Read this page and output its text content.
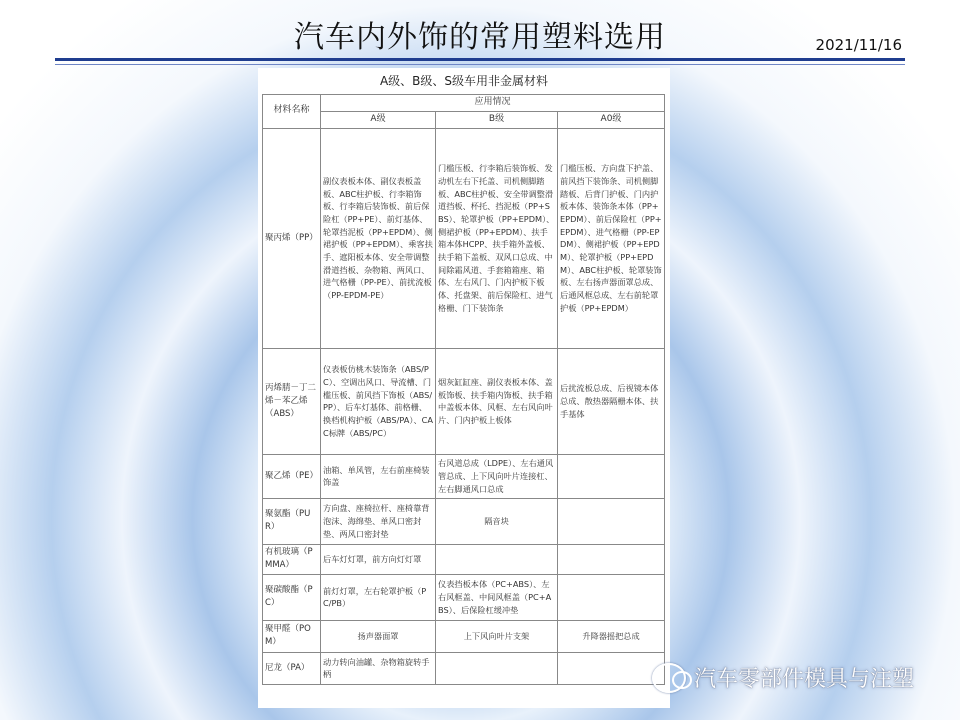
汽车内外饰的常用塑料选用	2021/11/16
A级、B级、S级车用非金属材料
材料名称	应用情况		
	A级	B级	A0级
聚丙烯（PP）	副仪表板本体、副仪表板盖板、ABC柱护板、行李箱饰板、行李箱后装饰板、前后保险杠（PP+PE）、前灯基体、轮罩挡泥板（PP+EPDM）、侧裙护板（PP+EPDM）、乘客扶手、遮阳板本体、安全带调整滑道挡板、杂物箱、两风口、进气格栅（PP-PE）、前扰流板（PP-EPDM-PE）	门槛压板、行李箱后装饰板、发动机左右下托盖、司机侧脚踏板、ABC柱护板、安全带调整滑道挡板、杯托、挡泥板（PP+SBS）、轮罩护板（PP+EPDM）、侧裙护板（PP+EPDM）、扶手箱本体HCPP、扶手箱外盖板、扶手箱下盖板、双风口总成、中间除霜风道、手套箱箱座、箱体、左右风门、门内护板下板体、托盘架、前后保险杠、进气格栅、门下装饰条	门槛压板、方向盘下护盖、前风挡下装饰条、司机侧脚踏板、后背门护板、门内护板本体、装饰条本体（PP+EPDM）、前后保险杠（PP+EPDM）、进气格栅（PP-EPDM）、侧裙护板（PP+EPDM）、轮罩护板（PP+EPDM）、ABC柱护板、轮罩装饰板、左右扬声器面罩总成、后通风框总成、左右前轮罩护板（PP+EPDM）
丙烯腈－丁二烯－苯乙烯（ABS）	仪表板仿桃木装饰条（ABS/PC）、空调出风口、导流槽、门槛压板、前风挡下饰板（ABS/PP）、后车灯基体、前格栅、换档机构护板（ABS/PA）、CAC标牌（ABS/PC）	烟灰缸缸座、副仪表板本体、盖板饰板、扶手箱内饰板、扶手箱中盖板本体、风框、左右风向叶片、门内护板上板体	后扰流板总成、后视镜本体总成、散热器隔栅本体、扶手基体
聚乙烯（PE）	油箱、单风管，左右前座椅装饰盖	右风道总成（LDPE）、左右通风管总成、上下风向叶片连接杠、左右脚通风口总成	
聚氨酯（PUR）	方向盘、座椅拉杆、座椅靠背泡沫、海绵垫、单风口密封垫、两风口密封垫	隔音块	
有机玻璃（PMMA）	后车灯灯罩，前方向灯灯罩		
聚碳酸酯（PC）	前灯灯罩，左右轮罩护板（PC/PB）	仪表挡板本体（PC+ABS）、左右风框盖、中间风框盖（PC+ABS）、后保险杠缓冲垫	
聚甲醛（POM）	扬声器面罩	上下风向叶片支架	升降器摇把总成
尼龙（PA）	动力转向油罐、杂物箱旋转手柄			汽车零部件模具与注塑
